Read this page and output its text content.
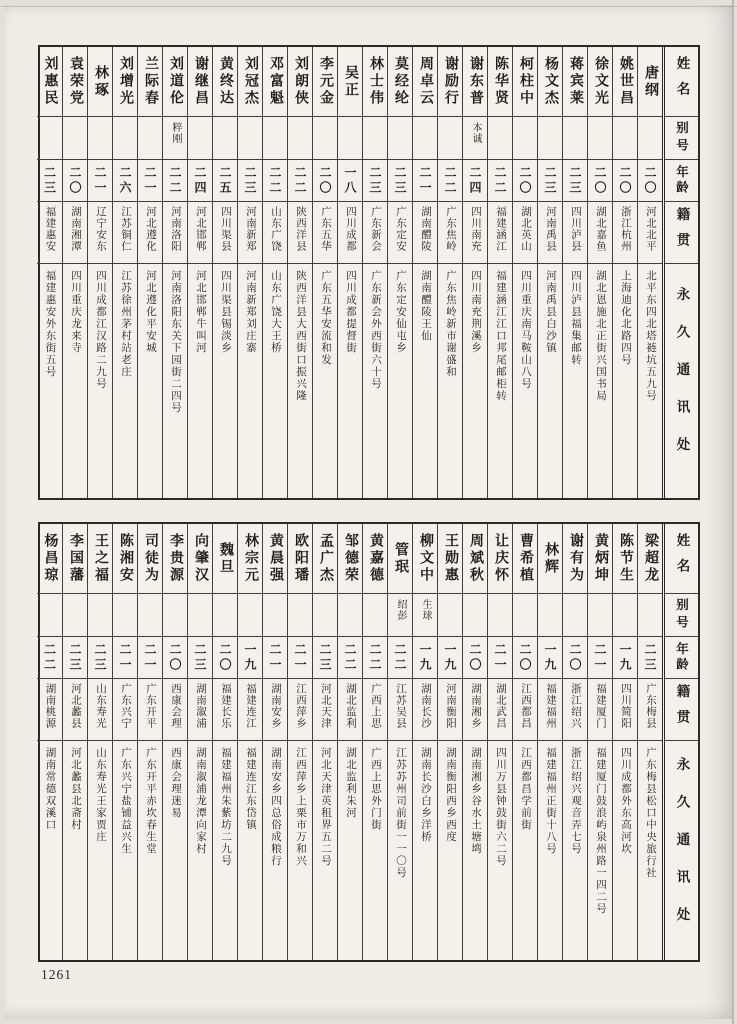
姓名
别号
年龄
籍贯
永久通讯处
唐纲
二〇
河北北平
北平东四北塔裢坑五九号
姚世昌
二〇
浙江杭州
上海迪化北路四号
徐文光
二〇
湖北嘉鱼
湖北恩施北正街兴国书局
蒋宾莱
二三
四川泸县
四川泸县福集邮转
杨文杰
二三
河南禹县
河南禹县白沙镇
柯柱中
二〇
湖北英山
四川重庆南马鞍山八号
陈华贤
二二
福建涵江
福建涵江江口邦尾邮柜转
谢东普
本诚
二四
四川南充
四川南充荆溪乡
谢励行
二二
广东焦岭
广东焦岭新市谢盛和
周卓云
二一
湖南醴陵
湖南醴陵王仙
莫经纶
二三
广东定安
广东定安仙屯乡
林士伟
二三
广东新会
广东新会外西街六十号
吴正
一八
四川成都
四川成都提督街
李元金
二〇
广东五华
广东五华安流和发
刘朗侠
二二
陕西洋县
陕西洋县大西街口振兴隆
邓富魁
二二
山东广饶
山东广饶大王桥
刘冠杰
二三
河南新郑
河南新郑刘庄寨
黄终达
二五
四川渠县
四川渠县锡淡乡
谢继昌
二四
河北邯郸
河北邯郸牛叫河
刘道伦
粹刚
二二
河南洛阳
河南洛阳东关下园街二四号
兰际春
二一
河北遵化
河北遵化平安城
刘增光
二六
江苏铜仁
江苏徐州茅村站老庄
林琢
二一
辽宁安东
四川成都江汉路二九号
袁荣党
二〇
湖南湘潭
四川重庆龙来寺
刘惠民
二三
福建惠安
福建惠安外东街五号
姓名
别号
年龄
籍贯
永久通讯处
梁超龙
二三
广东梅县
广东梅县松口中央旅行社
陈节生
一九
四川简阳
四川成都外东高河坎
黄炳坤
二一
福建厦门
福建厦门鼓浪屿泉州路一四二号
谢有为
二〇
浙江绍兴
浙江绍兴观音弄七号
林辉
一九
福建福州
福建福州正街十八号
曹希植
二〇
江西都昌
江西都昌学前街
让庆怀
二一
湖北武昌
四川万县钟鼓街六二号
周斌秋
二〇
湖南湘乡
湖南湘乡谷水土塘塆
王勋惠
一九
河南衡阳
湖南衡阳西乡西度
柳文中
生球
一九
湖南长沙
湖南长沙白乡洋桥
管珉
绍彭
二二
江苏吴县
江苏苏州司前街一一〇号
黄嘉德
二二
广西上思
广西上思外门街
邹德荣
二二
湖北监利
湖北监利朱河
孟广杰
二三
河北天津
河北天津英租界五二号
欧阳璠
二一
江西萍乡
江西萍乡上栗市万和兴
黄晨强
二一
湖南安乡
湖南安乡四总俗成粮行
林宗元
一九
福建连江
福建连江东岱镇
魏旦
二〇
福建长乐
福建福州朱紫坊二九号
向肇汉
二三
湖南溆浦
湖南溆浦龙潭向家村
李贵源
二〇
西康会理
西康会理迷易
司徒为
二一
广东开平
广东开平赤坎春生堂
陈湘安
二一
广东兴宁
广东兴宁盐铺益兴生
王之福
二三
山东寿光
山东寿光王家贾庄
李国藩
二三
河北蠡县
河北蠡县北斋村
杨昌琼
二二
湖南桃源
湖南常德双溪口
1261
